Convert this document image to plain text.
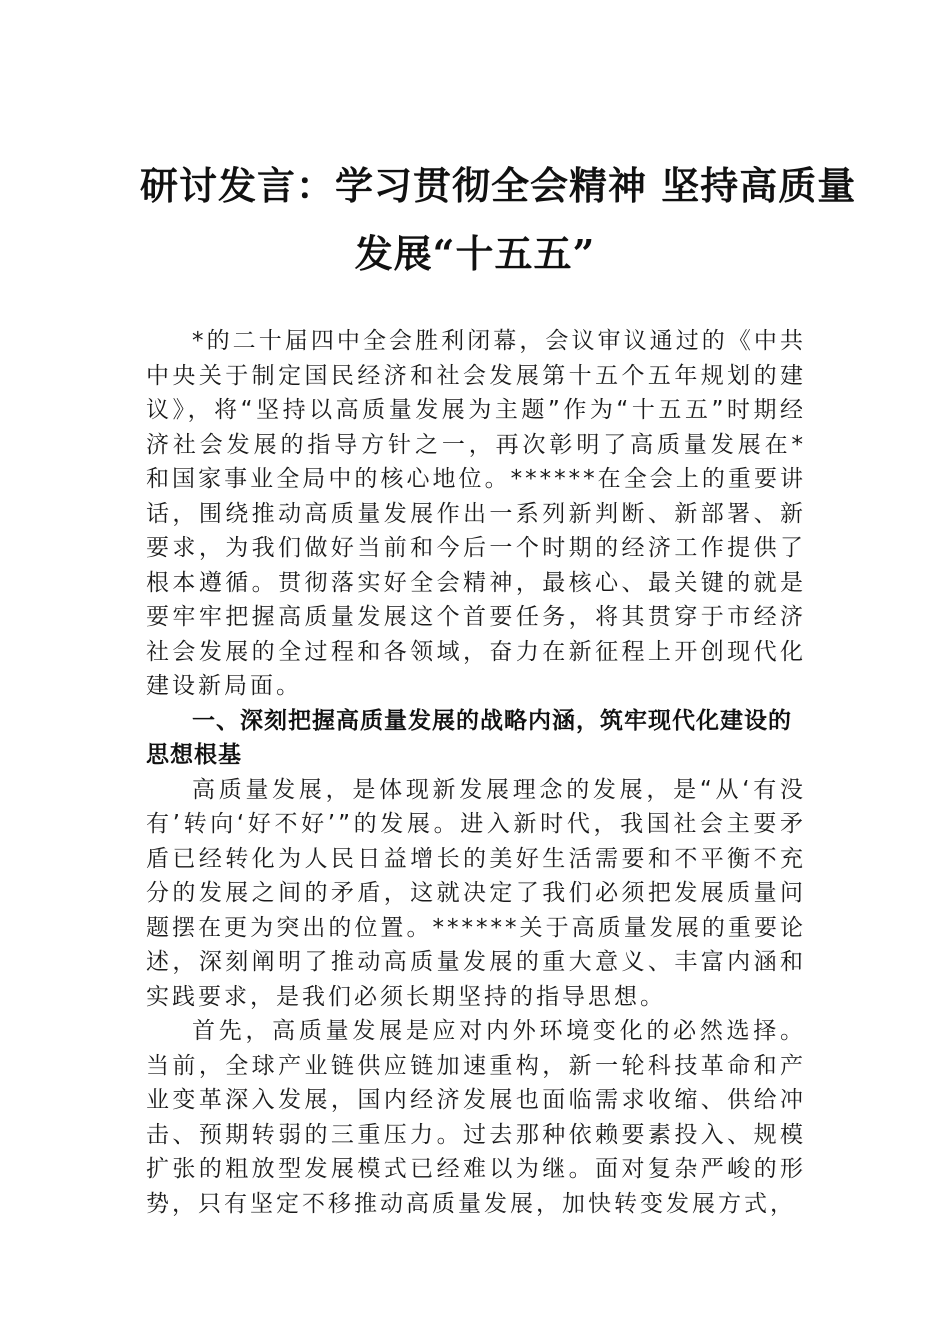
研讨发言：学习贯彻全会精神 坚持高质量
发展“十五五”

*的二十届四中全会胜利闭幕，会议审议通过的《中共中央关于制定国民经济和社会发展第十五个五年规划的建议》，将“坚持以高质量发展为主题”作为“十五五”时期经济社会发展的指导方针之一，再次彰明了高质量发展在*和国家事业全局中的核心地位。******在全会上的重要讲话，围绕推动高质量发展作出一系列新判断、新部署、新要求，为我们做好当前和今后一个时期的经济工作提供了根本遵循。贯彻落实好全会精神，最核心、最关键的就是要牢牢把握高质量发展这个首要任务，将其贯穿于市经济社会发展的全过程和各领域，奋力在新征程上开创现代化建设新局面。

一、深刻把握高质量发展的战略内涵，筑牢现代化建设的思想根基

高质量发展，是体现新发展理念的发展，是“从‘有没有’转向‘好不好’”的发展。进入新时代，我国社会主要矛盾已经转化为人民日益增长的美好生活需要和不平衡不充分的发展之间的矛盾，这就决定了我们必须把发展质量问题摆在更为突出的位置。******关于高质量发展的重要论述，深刻阐明了推动高质量发展的重大意义、丰富内涵和实践要求，是我们必须长期坚持的指导思想。

首先，高质量发展是应对内外环境变化的必然选择。当前，全球产业链供应链加速重构，新一轮科技革命和产业变革深入发展，国内经济发展也面临需求收缩、供给冲击、预期转弱的三重压力。过去那种依赖要素投入、规模扩张的粗放型发展模式已经难以为继。面对复杂严峻的形势，只有坚定不移推动高质量发展，加快转变发展方式，
